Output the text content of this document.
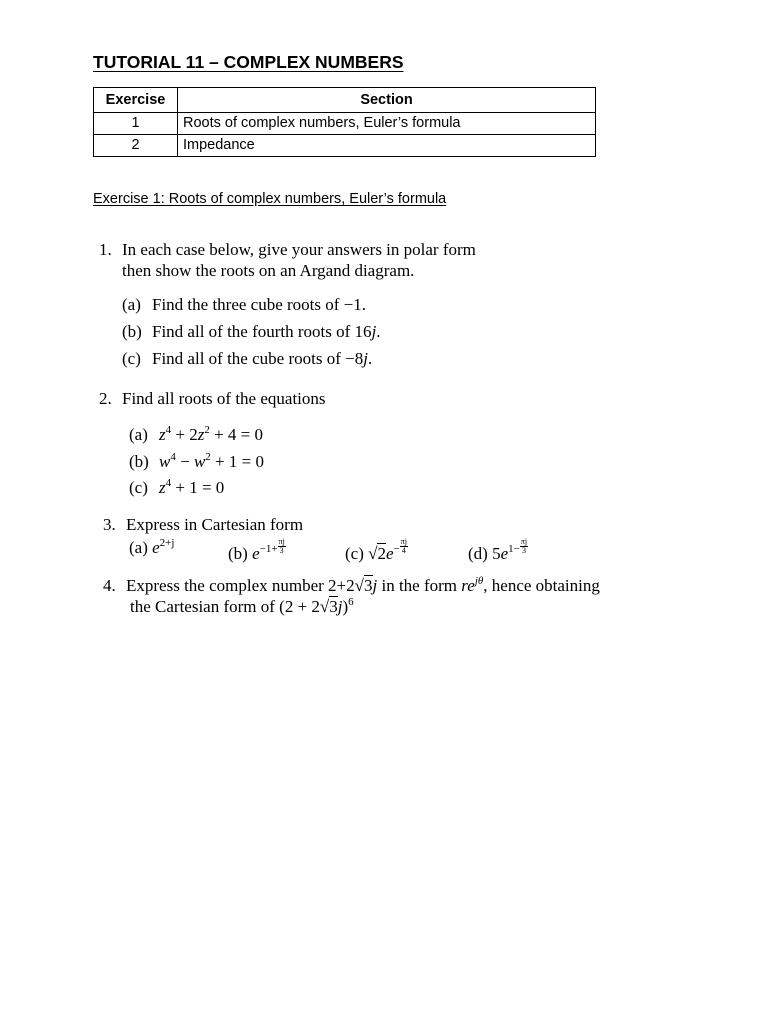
TUTORIAL 11 – COMPLEX NUMBERS
Exercise	Section
1	Roots of complex numbers, Euler’s formula
2	Impedance
Exercise 1: Roots of complex numbers, Euler’s formula
1. In each case below, give your answers in polar form
then show the roots on an Argand diagram.
(a) Find the three cube roots of −1.
(b) Find all of the fourth roots of 16j.
(c) Find all of the cube roots of −8j.
2. Find all roots of the equations
(a) $z^4 + 2z^2 + 4 = 0$
(b) $w^4 - w^2 + 1 = 0$
(c) $z^4 + 1 = 0$
3. Express in Cartesian form
(a) $e^{2+j}$
(b) $e^{-1+} \frac{\pi j}{3}$	(c) $√2e^- \frac{\pi j}{4}$	(d) $5e^{1-} \frac{\pi j}{3}$
4. Express the complex number 2+2√3j in the form $re^{j\theta}$, hence obtaining
the Cartesian form of $(2 + 2√3j)^6$
